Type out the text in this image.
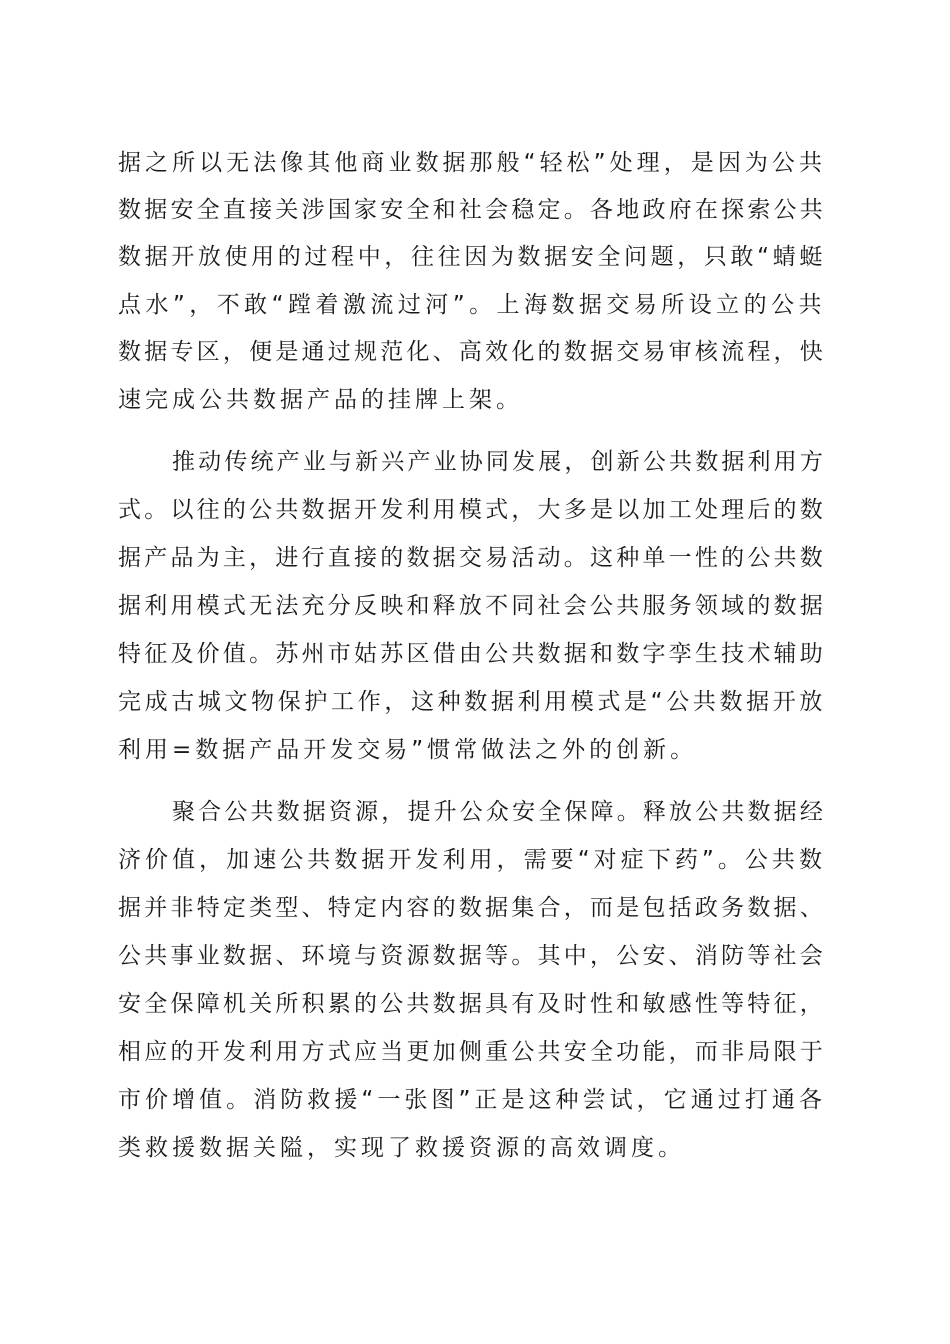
据之所以无法像其他商业数据那般“轻松”处理，是因为公共
数据安全直接关涉国家安全和社会稳定。各地政府在探索公共
数据开放使用的过程中，往往因为数据安全问题，只敢“蜻蜓
点水”，不敢“蹚着激流过河”。上海数据交易所设立的公共
数据专区，便是通过规范化、高效化的数据交易审核流程，快
速完成公共数据产品的挂牌上架。
推动传统产业与新兴产业协同发展，创新公共数据利用方
式。以往的公共数据开发利用模式，大多是以加工处理后的数
据产品为主，进行直接的数据交易活动。这种单一性的公共数
据利用模式无法充分反映和释放不同社会公共服务领域的数据
特征及价值。苏州市姑苏区借由公共数据和数字孪生技术辅助
完成古城文物保护工作，这种数据利用模式是“公共数据开放
利用=数据产品开发交易”惯常做法之外的创新。
聚合公共数据资源，提升公众安全保障。释放公共数据经
济价值，加速公共数据开发利用，需要“对症下药”。公共数
据并非特定类型、特定内容的数据集合，而是包括政务数据、
公共事业数据、环境与资源数据等。其中，公安、消防等社会
安全保障机关所积累的公共数据具有及时性和敏感性等特征，
相应的开发利用方式应当更加侧重公共安全功能，而非局限于
市价增值。消防救援“一张图”正是这种尝试，它通过打通各
类救援数据关隘，实现了救援资源的高效调度。
